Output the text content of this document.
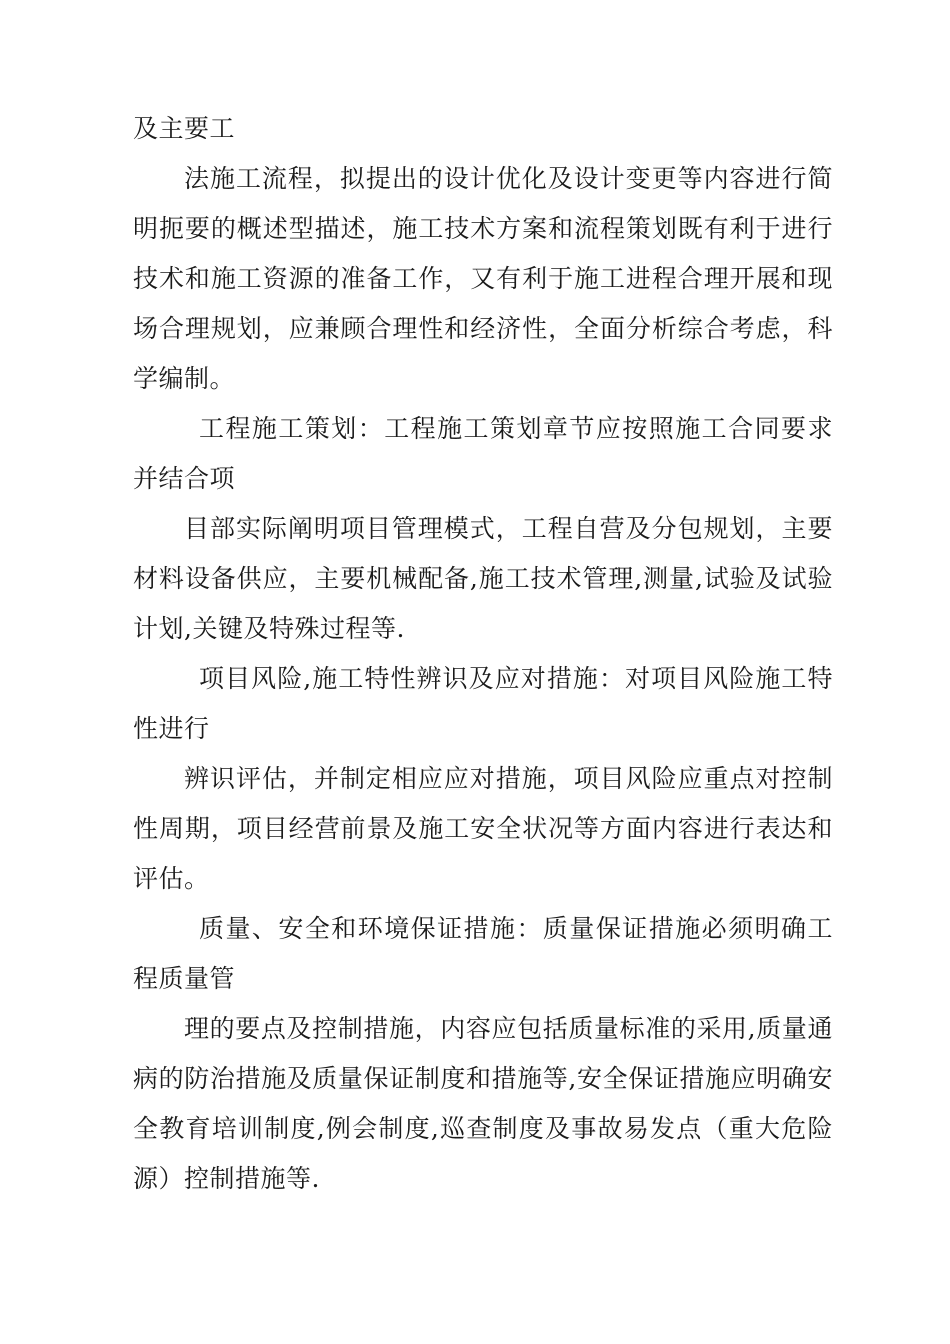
及主要工

法施工流程，拟提出的设计优化及设计变更等内容进行简明扼要的概述型描述，施工技术方案和流程策划既有利于进行技术和施工资源的准备工作，又有利于施工进程合理开展和现场合理规划，应兼顾合理性和经济性，全面分析综合考虑，科学编制。

工程施工策划：工程施工策划章节应按照施工合同要求并结合项

目部实际阐明项目管理模式，工程自营及分包规划，主要材料设备供应，主要机械配备,施工技术管理,测量,试验及试验计划,关键及特殊过程等.

项目风险,施工特性辨识及应对措施：对项目风险施工特性进行

辨识评估，并制定相应应对措施，项目风险应重点对控制性周期，项目经营前景及施工安全状况等方面内容进行表达和评估。

质量、安全和环境保证措施：质量保证措施必须明确工程质量管

理的要点及控制措施，内容应包括质量标准的采用,质量通病的防治措施及质量保证制度和措施等,安全保证措施应明确安全教育培训制度,例会制度,巡查制度及事故易发点（重大危险源）控制措施等.
